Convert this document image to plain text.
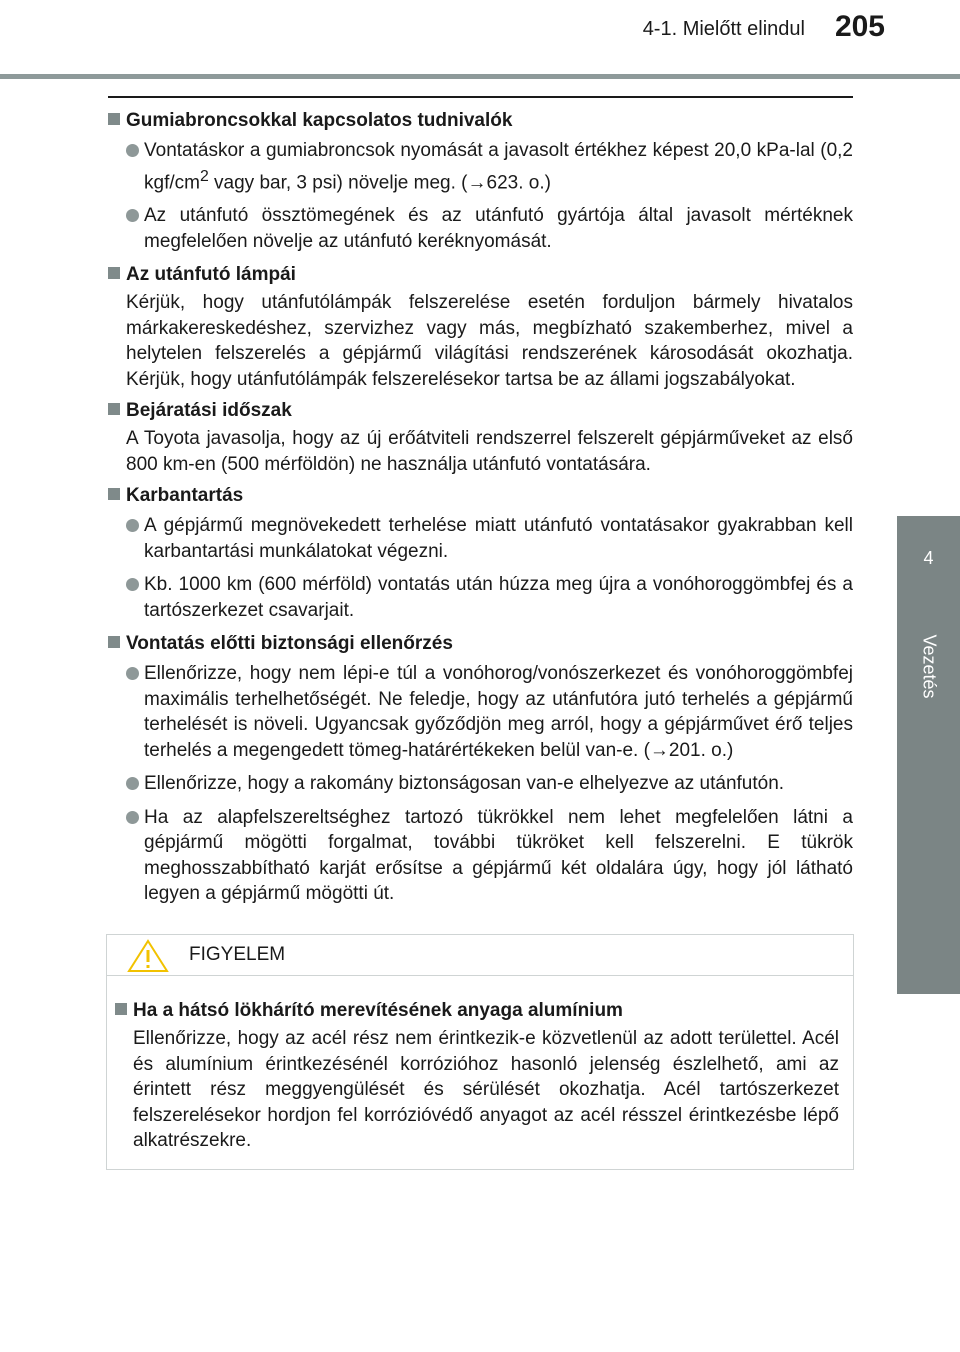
4-1. Mielőtt elindul 205
4
Vezetés
Gumiabroncsokkal kapcsolatos tudnivalók
Vontatáskor a gumiabroncsok nyomását a javasolt értékhez képest 20,0 kPa-lal (0,2 kgf/$cm^2$ vagy bar, 3 psi) növelje meg. (→623. o.)
Az utánfutó össztömegének és az utánfutó gyártója által javasolt mértéknek megfelelően növelje az utánfutó keréknyomását.
Az utánfutó lámpái
Kérjük, hogy utánfutólámpák felszerelése esetén forduljon bármely hivatalos márkakereskedéshez, szervizhez vagy más, megbízható szakemberhez, mivel a helytelen felszerelés a gépjármű világítási rendszerének károsodását okozhatja. Kérjük, hogy utánfutólámpák felszerelésekor tartsa be az állami jogszabályokat.
Bejáratási időszak
A Toyota javasolja, hogy az új erőátviteli rendszerrel felszerelt gépjárműveket az első 800 km-en (500 mérföldön) ne használja utánfutó vontatására.
Karbantartás
A gépjármű megnövekedett terhelése miatt utánfutó vontatásakor gyakrabban kell karbantartási munkálatokat végezni.
Kb. 1000 km (600 mérföld) vontatás után húzza meg újra a vonóhoroggömbfej és a tartószerkezet csavarjait.
Vontatás előtti biztonsági ellenőrzés
Ellenőrizze, hogy nem lépi-e túl a vonóhorog/vonószerkezet és vonóhoroggömbfej maximális terhelhetőségét. Ne feledje, hogy az utánfutóra jutó terhelés a gépjármű terhelését is növeli. Ugyancsak győződjön meg arról, hogy a gépjárművet érő teljes terhelés a megengedett tömeg-határértékeken belül van-e. (→201. o.)
Ellenőrizze, hogy a rakomány biztonságosan van-e elhelyezve az utánfutón.
Ha az alapfelszereltséghez tartozó tükrökkel nem lehet megfelelően látni a gépjármű mögötti forgalmat, további tükröket kell felszerelni. E tükrök meghosszabbítható karját erősítse a gépjármű két oldalára úgy, hogy jól látható legyen a gépjármű mögötti út.
FIGYELEM
Ha a hátsó lökhárító merevítésének anyaga alumínium
Ellenőrizze, hogy az acél rész nem érintkezik-e közvetlenül az adott területtel. Acél és alumínium érintkezésénél korrózióhoz hasonló jelenség észlelhető, ami az érintett rész meggyengülését és sérülését okozhatja. Acél tartószerkezet felszerelésekor hordjon fel korrózióvédő anyagot az acél résszel érintkezésbe lépő alkatrészekre.
